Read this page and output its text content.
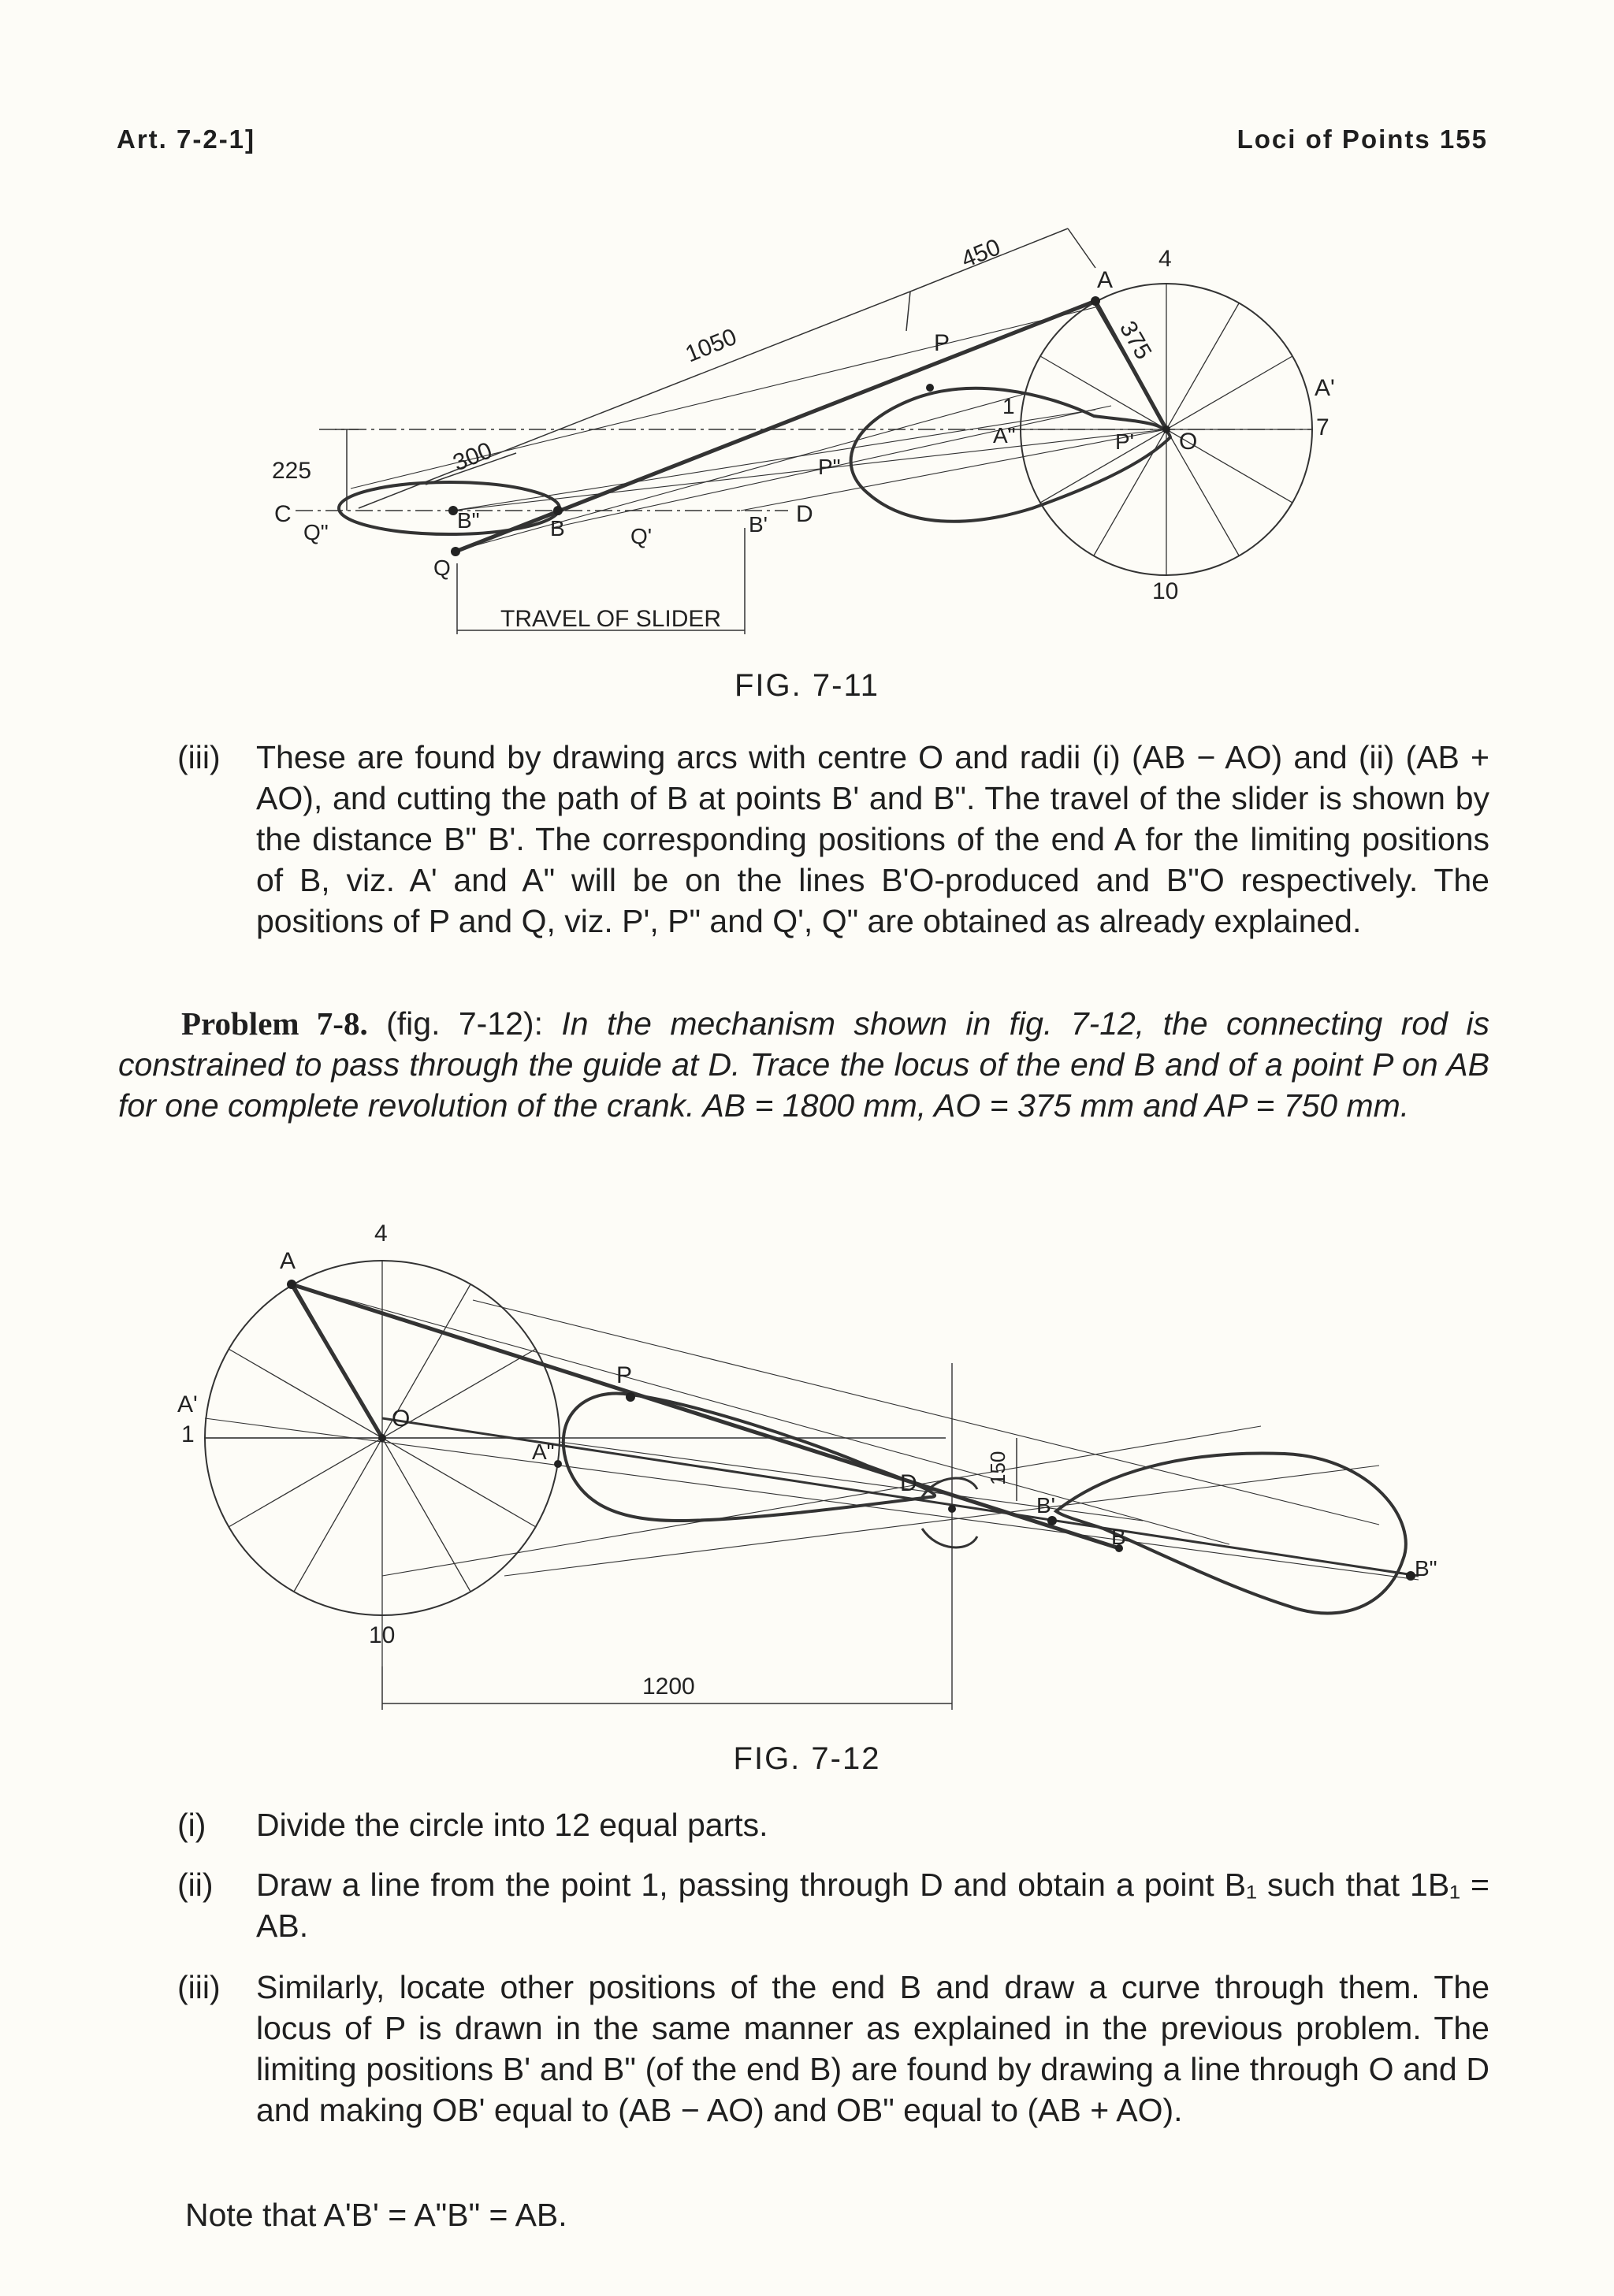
Art. 7-2-1]	Loci of Points 155
450
1050	375
300
225
TRAVEL OF SLIDER
A
4
P
O
A'
7
1
A"	P'
P"
10
C	D
Q"	B"	B	Q'	B'
Q
FIG. 7-11
(iii) These are found by drawing arcs with centre O and radii (i) (AB − AO) and (ii) (AB + AO), and cutting the path of B at points B' and B". The travel of the slider is shown by the distance B" B'. The corresponding positions of the end A for the limiting positions of B, viz. A' and A" will be on the lines B'O-produced and B"O respectively. The positions of P and Q, viz. P', P" and Q', Q" are obtained as already explained.
Problem 7-8. (fig. 7-12): In the mechanism shown in fig. 7-12, the connecting rod is constrained to pass through the guide at D. Trace the locus of the end B and of a point P on AB for one complete revolution of the crank. AB = 1800 mm, AO = 375 mm and AP = 750 mm.
A
4
A'
1
O
P
A"
D	150
B'
B
B"
10
1200
FIG. 7-12
(i) Divide the circle into 12 equal parts.
(ii) Draw a line from the point 1, passing through D and obtain a point B₁ such that 1B₁ = AB.
(iii) Similarly, locate other positions of the end B and draw a curve through them. The locus of P is drawn in the same manner as explained in the previous problem. The limiting positions B' and B" (of the end B) are found by drawing a line through O and D and making OB' equal to (AB − AO) and OB" equal to (AB + AO).
Note that A'B' = A"B" = AB.
